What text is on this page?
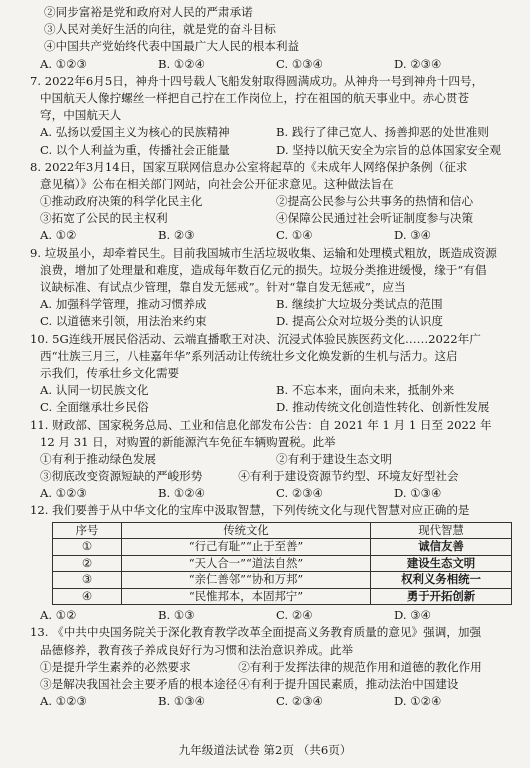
②同步富裕是党和政府对人民的严肃承诺
③人民对美好生活的向往，就是党的奋斗目标
④中国共产党始终代表中国最广大人民的根本利益
A. ①②③	B. ①②④	C. ①③④	D. ②③④
7. 2022年6月5日，神舟十四号载人飞船发射取得圆满成功。从神舟一号到神舟十四号，
中国航天人像拧螺丝一样把自己拧在工作岗位上，拧在祖国的航天事业中。赤心贯苍
穹，中国航天人
A. 弘扬以爱国主义为核心的民族精神	B. 践行了律己宽人、扬善抑恶的处世准则
C. 以个人利益为重，传播社会正能量	D. 坚持以航天安全为宗旨的总体国家安全观
8. 2022年3月14日，国家互联网信息办公室将起草的《未成年人网络保护条例（征求
意见稿）》公布在相关部门网站，向社会公开征求意见。这种做法旨在
①推动政府决策的科学化民主化	②提高公民参与公共事务的热情和信心
③拓宽了公民的民主权利	④保障公民通过社会听证制度参与决策
A. ①②	B. ②③	C. ①④	D. ③④
9. 垃圾虽小，却牵着民生。目前我国城市生活垃圾收集、运输和处理模式粗放，既造成资源
浪费，增加了处理量和难度，造成每年数百亿元的损失。垃圾分类推进缓慢，缘于“有倡
议缺标准、有试点少管理，靠自发无惩戒”。针对“靠自发无惩戒”，应当
A. 加强科学管理，推动习惯养成	B. 继续扩大垃圾分类试点的范围
C. 以道德来引领，用法治来约束	D. 提高公众对垃圾分类的认识度
10. 5G连线开展民俗活动、云端直播歌王对决、沉浸式体验民族医药文化……2022年广
西“壮族三月三，八桂嘉年华”系列活动让传统壮乡文化焕发新的生机与活力。这启
示我们，传承壮乡文化需要
A. 认同一切民族文化	B. 不忘本来，面向未来，抵制外来
C. 全面继承壮乡民俗	D. 推动传统文化创造性转化、创新性发展
11. 财政部、国家税务总局、工业和信息化部发布公告：自 2021 年 1 月 1 日至 2022 年
12 月 31 日，对购置的新能源汽车免征车辆购置税。此举
①有利于推动绿色发展	②有利于建设生态文明
③彻底改变资源短缺的严峻形势	④有利于建设资源节约型、环境友好型社会
A. ①②③	B. ①②④	C. ②③④	D. ①③④
12. 我们要善于从中华文化的宝库中汲取智慧，下列传统文化与现代智慧对应正确的是
序号	传统文化	现代智慧
①	“行己有耻”“止于至善”	诚信友善
②	“天人合一”“道法自然”	建设生态文明
③	“亲仁善邻”“协和万邦”	权利义务相统一
④	“民惟邦本，本固邦宁”	勇于开拓创新
A. ①②	B. ①③	C. ②④	D. ③④
13. 《中共中央国务院关于深化教育教学改革全面提高义务教育质量的意见》强调，加强
品德修养，教育孩子养成良好行为习惯和法治意识养成。此举
①是提升学生素养的必然要求	②有利于发挥法律的规范作用和道德的教化作用
③是解决我国社会主要矛盾的根本途径 ④有利于提升国民素质，推动法治中国建设
A. ①②③	B. ①③④	C. ②③④	D. ①②④
九年级道法试卷 第2页 （共6页）
